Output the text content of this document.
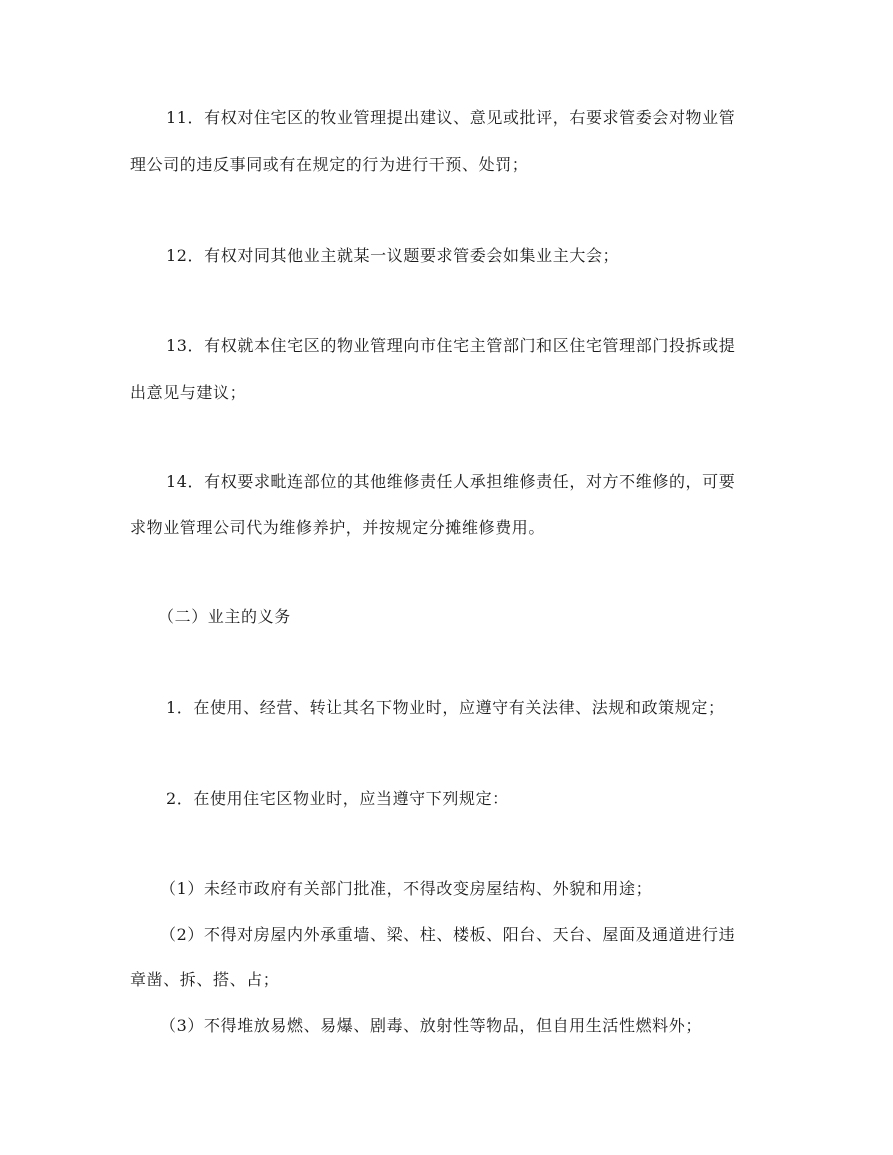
11．有权对住宅区的牧业管理提出建议、意见或批评，右要求管委会对物业管
理公司的违反事同或有在规定的行为进行干预、处罚；
12．有权对同其他业主就某一议题要求管委会如集业主大会；
13．有权就本住宅区的物业管理向市住宅主管部门和区住宅管理部门投拆或提
出意见与建议；
14．有权要求毗连部位的其他维修责任人承担维修责任，对方不维修的，可要
求物业管理公司代为维修养护，并按规定分摊维修费用。
（二）业主的义务
1．在使用、经营、转让其名下物业时，应遵守有关法律、法规和政策规定；
2．在使用住宅区物业时，应当遵守下列规定：
（1）未经市政府有关部门批准，不得改变房屋结构、外貌和用途；
（2）不得对房屋内外承重墙、梁、柱、楼板、阳台、天台、屋面及通道进行违
章凿、拆、搭、占；
（3）不得堆放易燃、易爆、剧毒、放射性等物品，但自用生活性燃料外；
